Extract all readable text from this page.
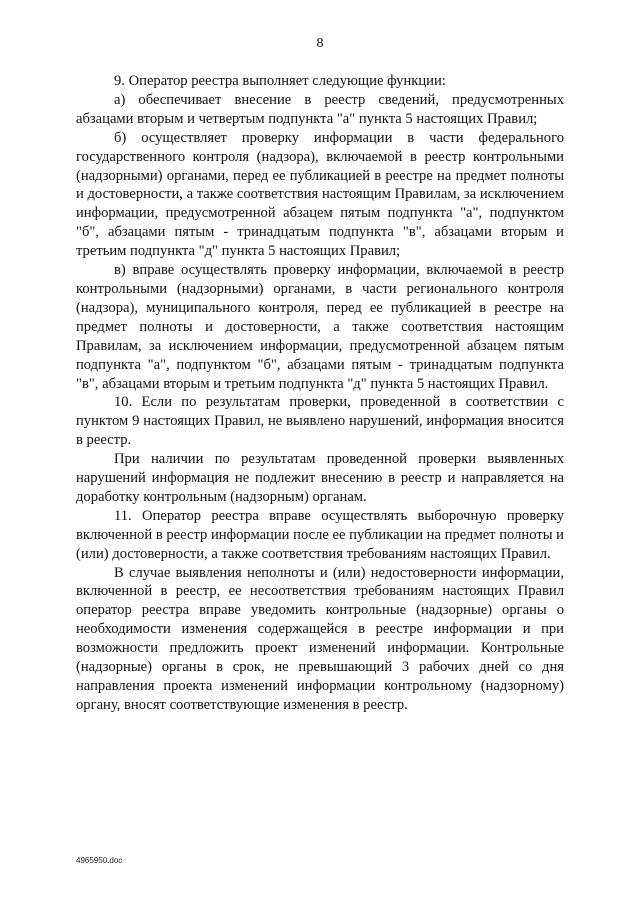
8

9. Оператор реестра выполняет следующие функции:

а) обеспечивает внесение в реестр сведений, предусмотренных абзацами вторым и четвертым подпункта "а" пункта 5 настоящих Правил;

б) осуществляет проверку информации в части федерального государственного контроля (надзора), включаемой в реестр контрольными (надзорными) органами, перед ее публикацией в реестре на предмет полноты и достоверности, а также соответствия настоящим Правилам, за исключением информации, предусмотренной абзацем пятым подпункта "а", подпунктом "б", абзацами пятым - тринадцатым подпункта "в", абзацами вторым и третьим подпункта "д" пункта 5 настоящих Правил;

в) вправе осуществлять проверку информации, включаемой в реестр контрольными (надзорными) органами, в части регионального контроля (надзора), муниципального контроля, перед ее публикацией в реестре на предмет полноты и достоверности, а также соответствия настоящим Правилам, за исключением информации, предусмотренной абзацем пятым подпункта "а", подпунктом "б", абзацами пятым - тринадцатым подпункта "в", абзацами вторым и третьим подпункта "д" пункта 5 настоящих Правил.

10. Если по результатам проверки, проведенной в соответствии с пунктом 9 настоящих Правил, не выявлено нарушений, информация вносится в реестр.

При наличии по результатам проведенной проверки выявленных нарушений информация не подлежит внесению в реестр и направляется на доработку контрольным (надзорным) органам.

11. Оператор реестра вправе осуществлять выборочную проверку включенной в реестр информации после ее публикации на предмет полноты и (или) достоверности, а также соответствия требованиям настоящих Правил.

В случае выявления неполноты и (или) недостоверности информации, включенной в реестр, ее несоответствия требованиям настоящих Правил оператор реестра вправе уведомить контрольные (надзорные) органы о необходимости изменения содержащейся в реестре информации и при возможности предложить проект изменений информации. Контрольные (надзорные) органы в срок, не превышающий 3 рабочих дней со дня направления проекта изменений информации контрольному (надзорному) органу, вносят соответствующие изменения в реестр.

4965950.doc
